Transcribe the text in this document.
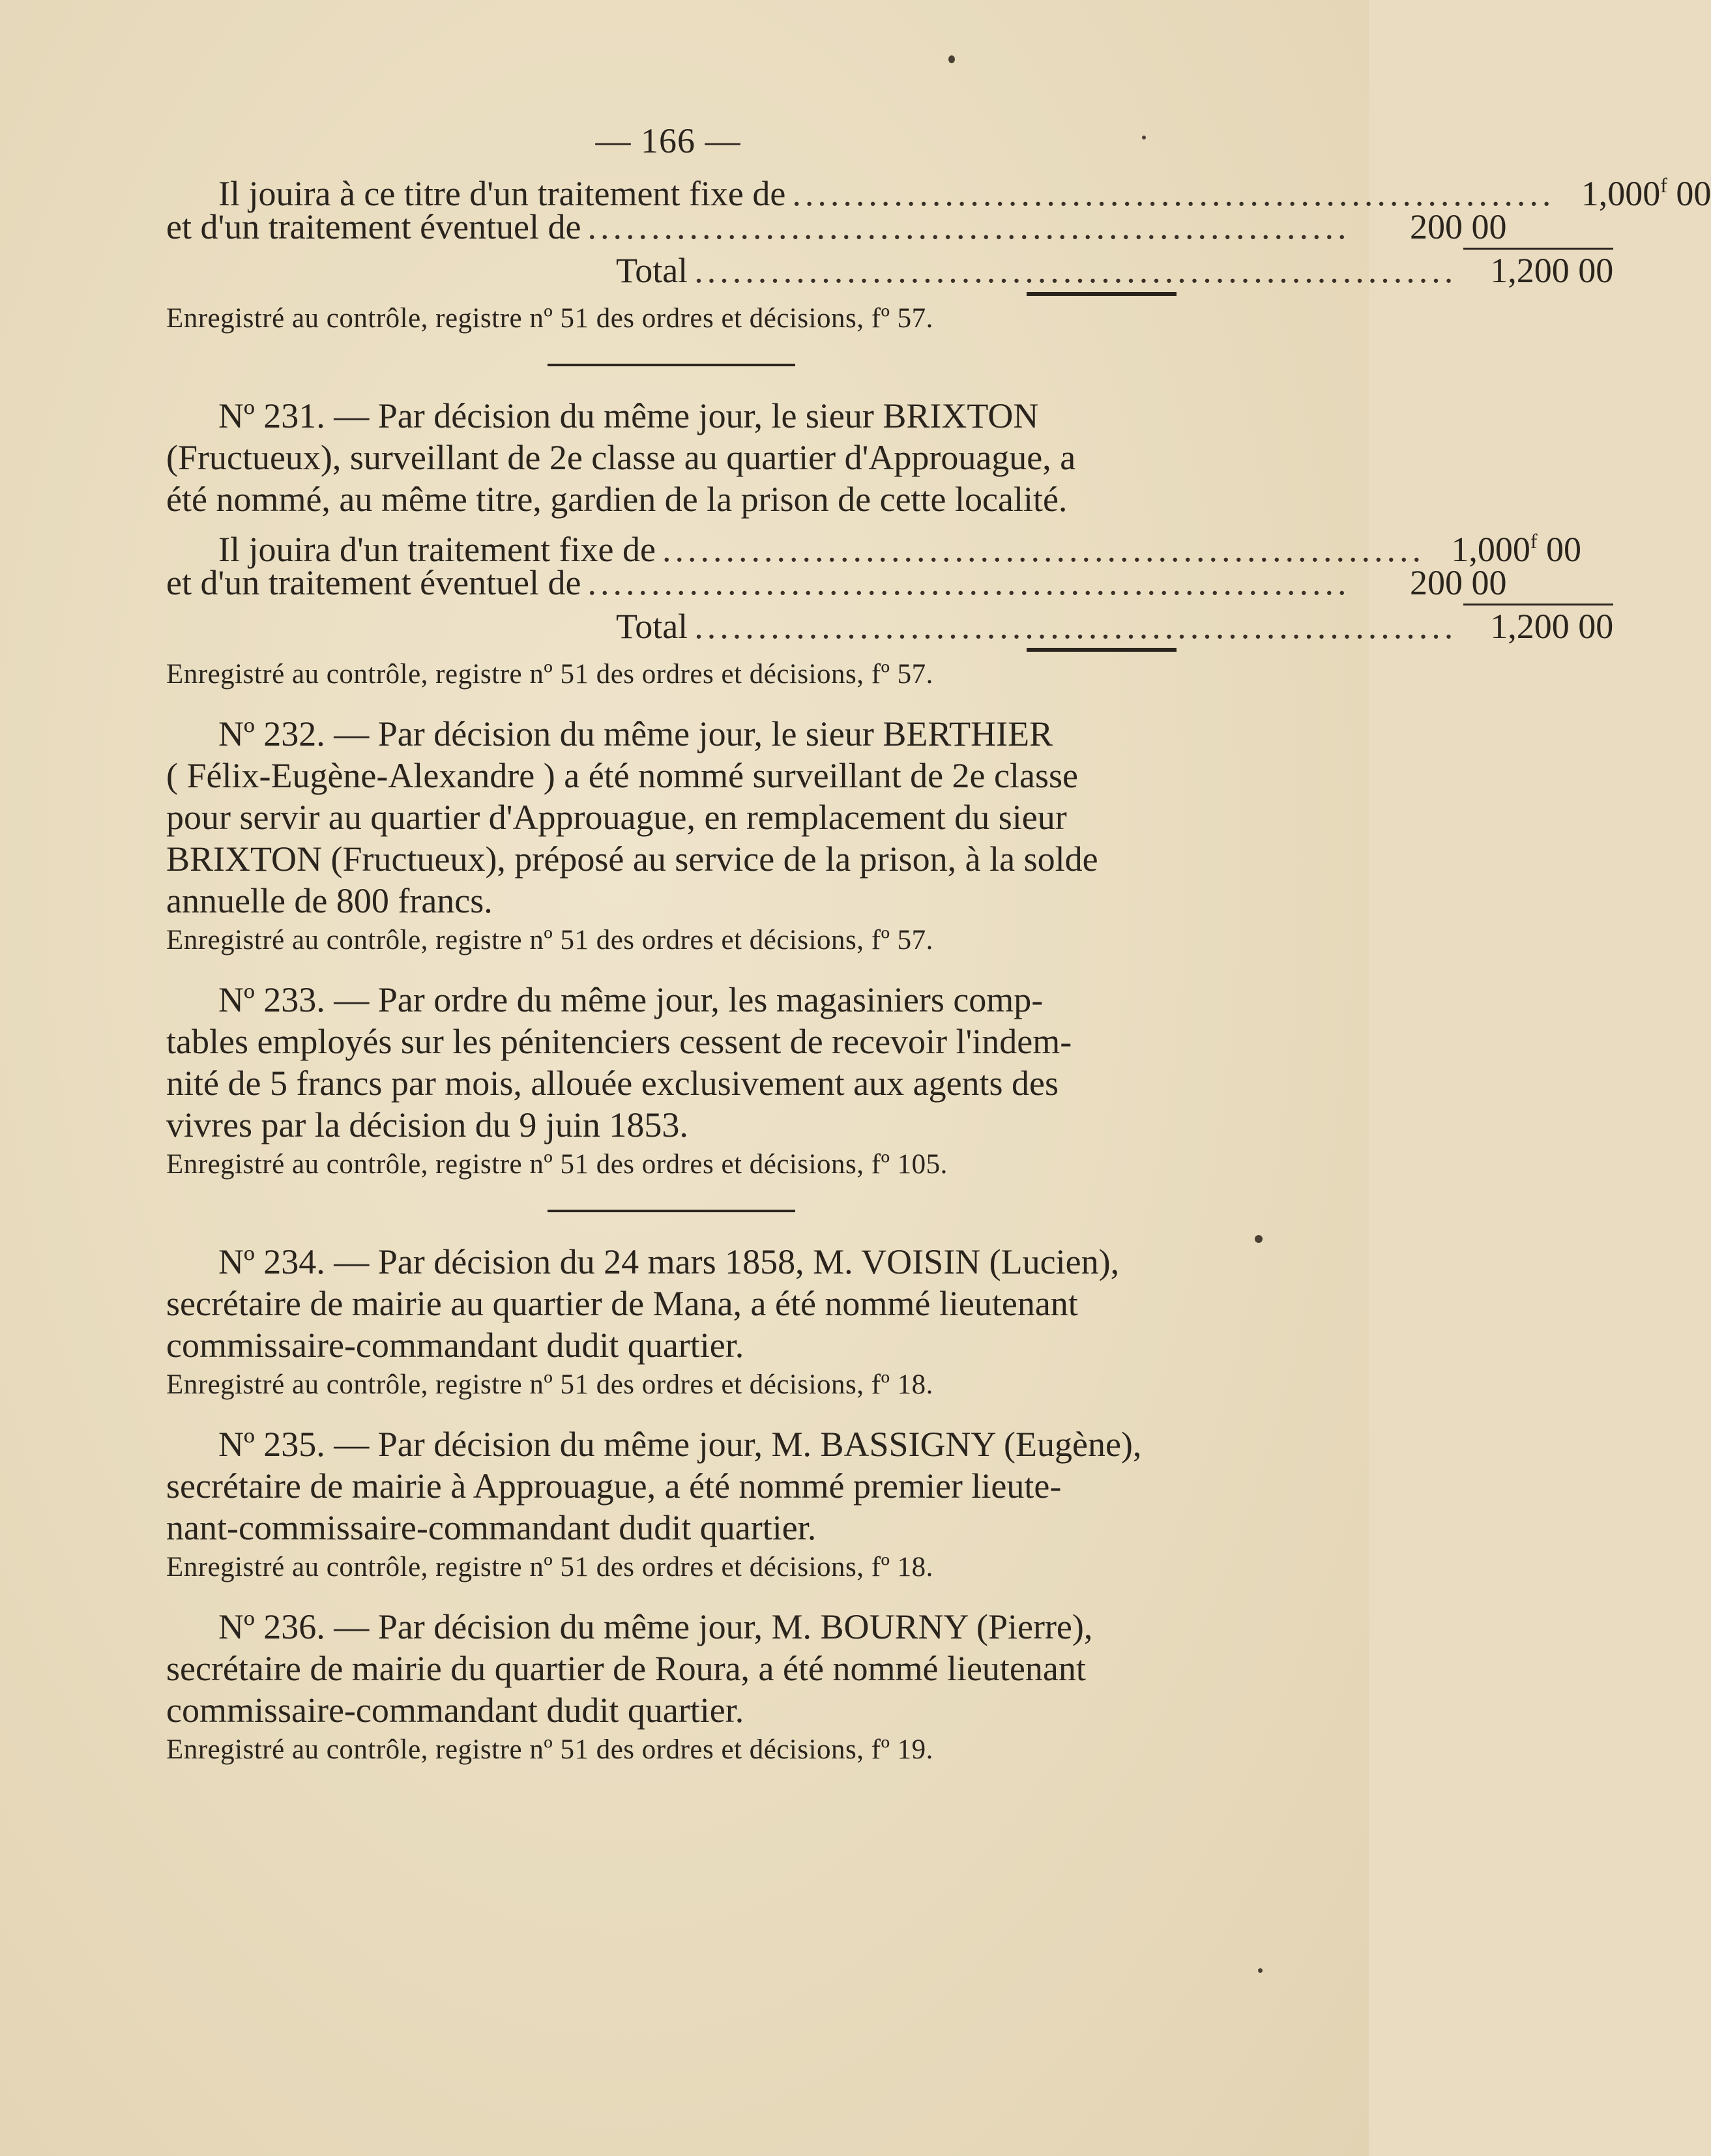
— 166 —
Il jouira à ce titre d'un traitement fixe de ............................................................ 1,000$^f$ 00
et d'un traitement éventuel de ............................................................	200 00
Total ............................................................ 1,200 00
Enregistré au contrôle, registre nº 51 des ordres et décisions, fº 57.
Nº 231. — Par décision du même jour, le sieur BRIXTON
(Fructueux), surveillant de 2e classe au quartier d'Approuague, a
été nommé, au même titre, gardien de la prison de cette localité.
Il jouira d'un traitement fixe de ............................................................ 1,000$^f$ 00
et d'un traitement éventuel de ............................................................	200 00
Total ............................................................ 1,200 00
Enregistré au contrôle, registre nº 51 des ordres et décisions, fº 57.
Nº 232. — Par décision du même jour, le sieur BERTHIER
( Félix-Eugène-Alexandre ) a été nommé surveillant de 2e classe
pour servir au quartier d'Approuague, en remplacement du sieur
BRIXTON (Fructueux), préposé au service de la prison, à la solde
annuelle de 800 francs.
Enregistré au contrôle, registre nº 51 des ordres et décisions, fº 57.
Nº 233. — Par ordre du même jour, les magasiniers comp-
tables employés sur les pénitenciers cessent de recevoir l'indem-
nité de 5 francs par mois, allouée exclusivement aux agents des
vivres par la décision du 9 juin 1853.
Enregistré au contrôle, registre nº 51 des ordres et décisions, fº 105.
Nº 234. — Par décision du 24 mars 1858, M. VOISIN (Lucien),
secrétaire de mairie au quartier de Mana, a été nommé lieutenant
commissaire-commandant dudit quartier.
Enregistré au contrôle, registre nº 51 des ordres et décisions, fº 18.
Nº 235. — Par décision du même jour, M. BASSIGNY (Eugène),
secrétaire de mairie à Approuague, a été nommé premier lieute-
nant-commissaire-commandant dudit quartier.
Enregistré au contrôle, registre nº 51 des ordres et décisions, fº 18.
Nº 236. — Par décision du même jour, M. BOURNY (Pierre),
secrétaire de mairie du quartier de Roura, a été nommé lieutenant
commissaire-commandant dudit quartier.
Enregistré au contrôle, registre nº 51 des ordres et décisions, fº 19.
